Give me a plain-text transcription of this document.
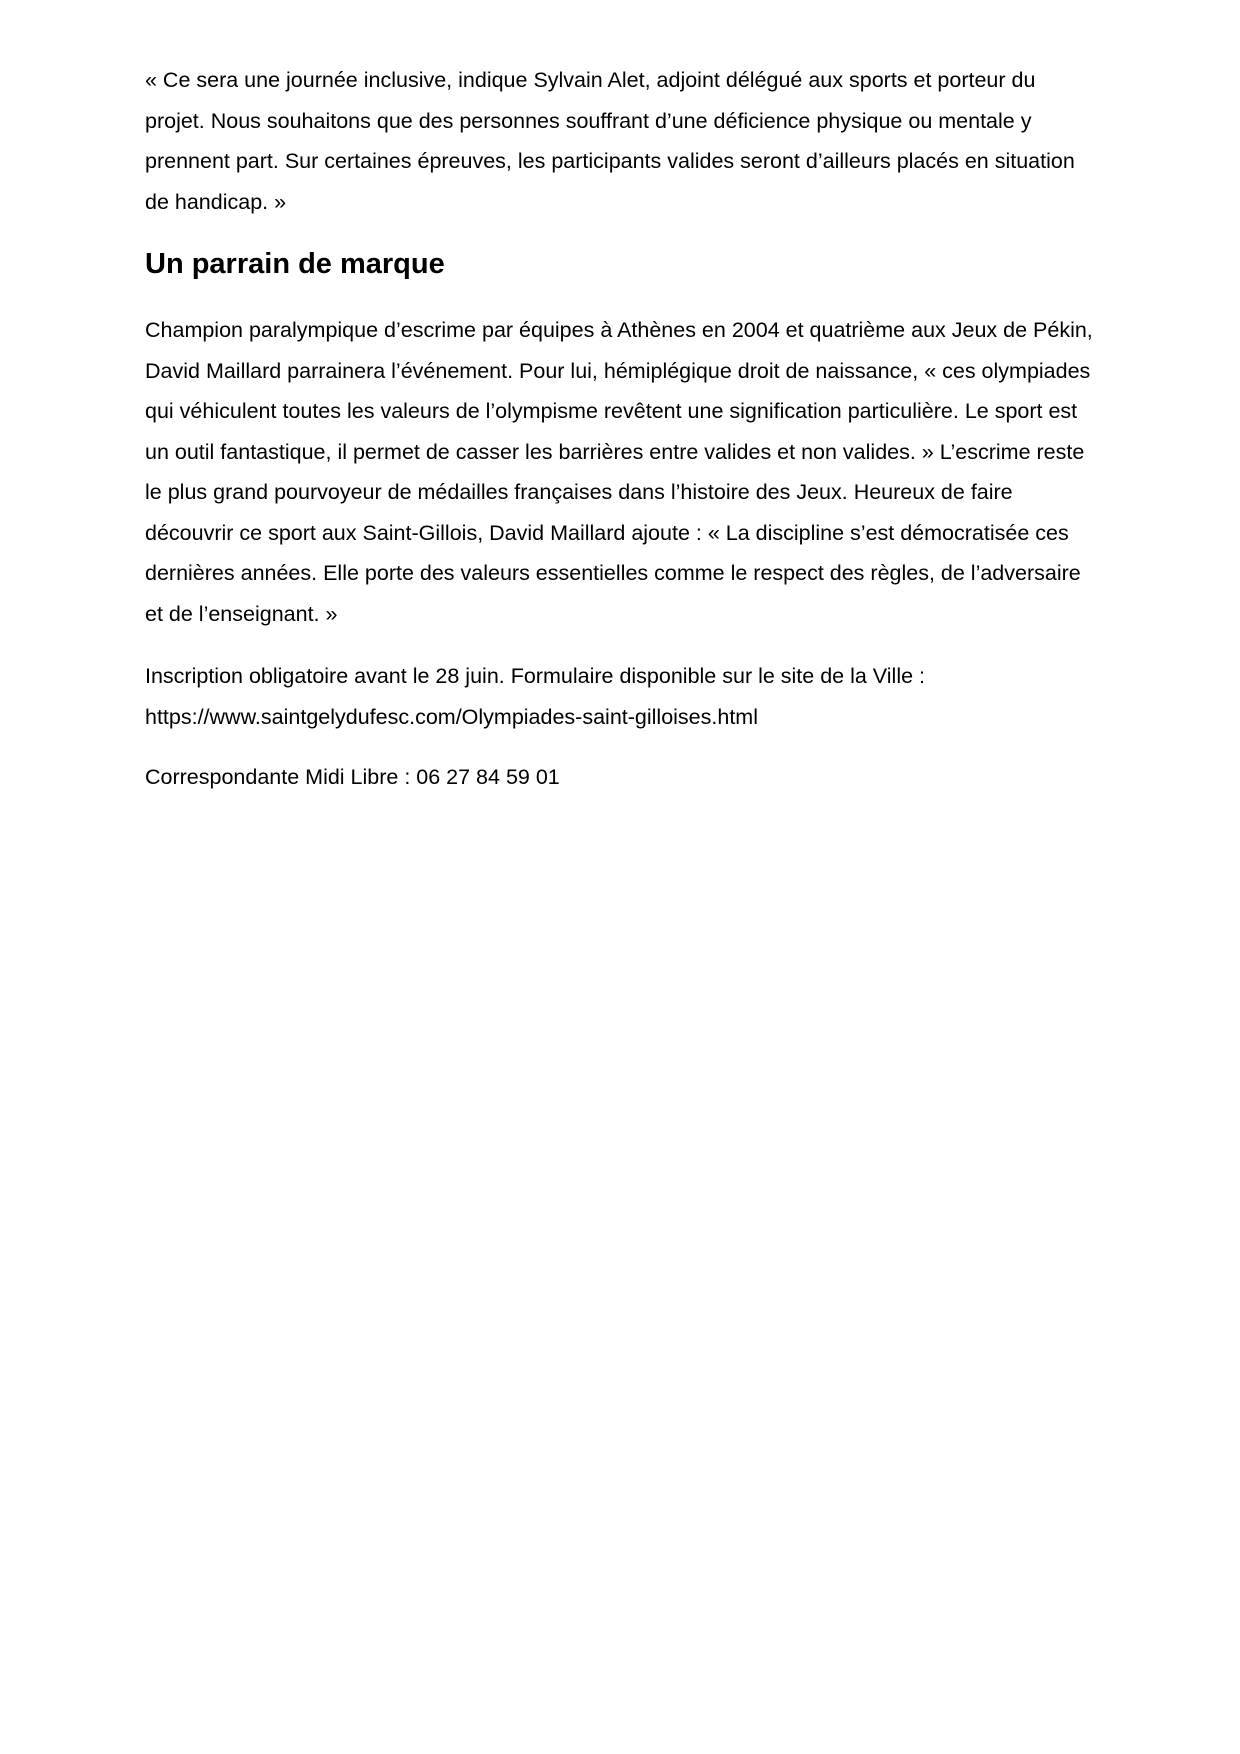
« Ce sera une journée inclusive, indique Sylvain Alet, adjoint délégué aux sports et porteur du projet. Nous souhaitons que des personnes souffrant d’une déficience physique ou mentale y prennent part. Sur certaines épreuves, les participants valides seront d’ailleurs placés en situation de handicap. »

Un parrain de marque

Champion paralympique d’escrime par équipes à Athènes en 2004 et quatrième aux Jeux de Pékin, David Maillard parrainera l’événement. Pour lui, hémiplégique droit de naissance, « ces olympiades qui véhiculent toutes les valeurs de l’olympisme revêtent une signification particulière. Le sport est un outil fantastique, il permet de casser les barrières entre valides et non valides. » L’escrime reste le plus grand pourvoyeur de médailles françaises dans l’histoire des Jeux. Heureux de faire découvrir ce sport aux Saint-Gillois, David Maillard ajoute : « La discipline s’est démocratisée ces dernières années. Elle porte des valeurs essentielles comme le respect des règles, de l’adversaire et de l’enseignant. »

Inscription obligatoire avant le 28 juin. Formulaire disponible sur le site de la Ville :
https://www.saintgelydufesc.com/Olympiades-saint-gilloises.html

Correspondante Midi Libre : 06 27 84 59 01
